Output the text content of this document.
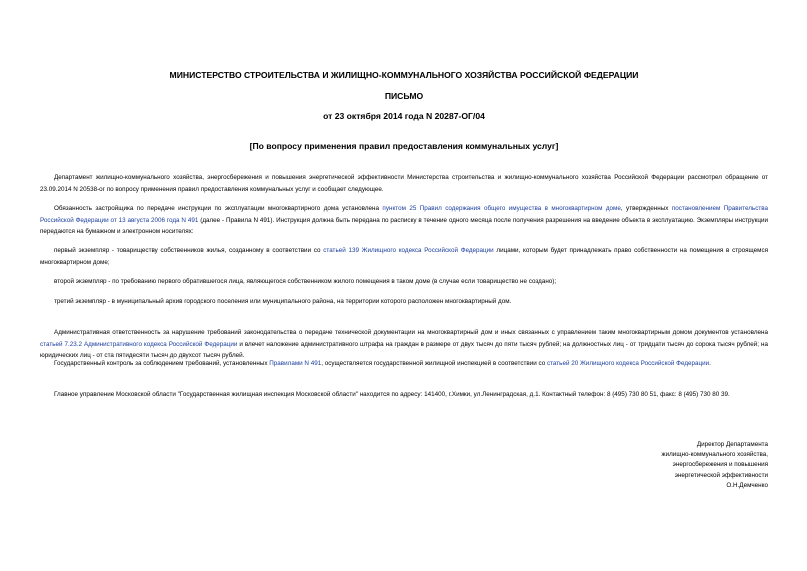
МИНИСТЕРСТВО СТРОИТЕЛЬСТВА И ЖИЛИЩНО-КОММУНАЛЬНОГО ХОЗЯЙСТВА РОССИЙСКОЙ ФЕДЕРАЦИИ
ПИСЬМО
от 23 октября 2014 года N 20287-ОГ/04
[По вопросу применения правил предоставления коммунальных услуг]
Департамент жилищно-коммунального хозяйства, энергосбережения и повышения энергетической эффективности Министерства строительства и жилищно-коммунального хозяйства Российской Федерации рассмотрел обращение от 23.09.2014 N 20538-ог по вопросу применения правил предоставления коммунальных услуг и сообщает следующее.
Обязанность застройщика по передаче инструкции по эксплуатации многоквартирного дома установлена пунктом 25 Правил содержания общего имущества в многоквартирном доме, утвержденных постановлением Правительства Российской Федерации от 13 августа 2006 года N 491 (далее - Правила N 491). Инструкция должна быть передана по расписку в течение одного месяца после получения разрешения на введение объекта в эксплуатацию. Экземпляры инструкции передаются на бумажном и электронном носителях:
первый экземпляр - товариществу собственников жилья, созданному в соответствии со статьей 139 Жилищного кодекса Российской Федерации лицами, которым будет принадлежать право собственности на помещения в строящемся многоквартирном доме;
второй экземпляр - по требованию первого обратившегося лица, являющегося собственником жилого помещения в таком доме (в случае если товарищество не создано);
третий экземпляр - в муниципальный архив городского поселения или муниципального района, на территории которого расположен многоквартирный дом.
Административная ответственность за нарушение требований законодательства о передаче технической документации на многоквартирный дом и иных связанных с управлением таким многоквартирным домом документов установлена статьей 7.23.2 Административного кодекса Российской Федерации и влечет наложение административного штрафа на граждан в размере от двух тысяч до пяти тысяч рублей; на должностных лиц - от тридцати тысяч до сорока тысяч рублей; на юридических лиц - от ста пятидесяти тысяч до двухсот тысяч рублей.
Государственный контроль за соблюдением требований, установленных Правилами N 491, осуществляется государственной жилищной инспекцией в соответствии со статьей 20 Жилищного кодекса Российской Федерации.
Главное управление Московской области "Государственная жилищная инспекция Московской области" находится по адресу: 141400, г.Химки, ул.Ленинградская, д.1. Контактный телефон: 8 (495) 730 80 51, факс: 8 (495) 730 80 39.
Директор Департамента
жилищно-коммунального хозяйства,
энергосбережения и повышения
энергетической эффективности
О.Н.Демченко
